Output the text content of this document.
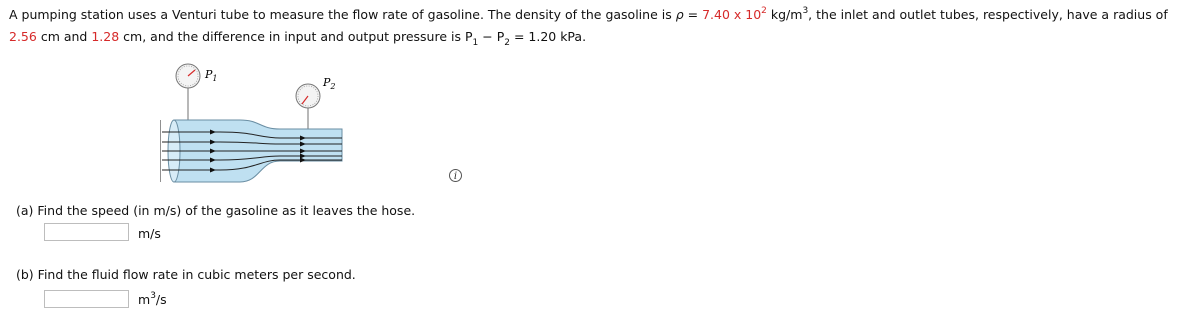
A pumping station uses a Venturi tube to measure the flow rate of gasoline. The density of the gasoline is ρ = 7.40 x $10^2$ $kg/m^3$, the inlet and outlet tubes, respectively, have a radius of 2.56 cm and 1.28 cm, and the difference in input and output pressure is $P_1 - P_2 = 1.20$ kPa.
$P_1$	$P_2$
i
(a) Find the speed (in m/s) of the gasoline as it leaves the hose.
m/s
(b) Find the fluid flow rate in cubic meters per second.
$m^3/s$
